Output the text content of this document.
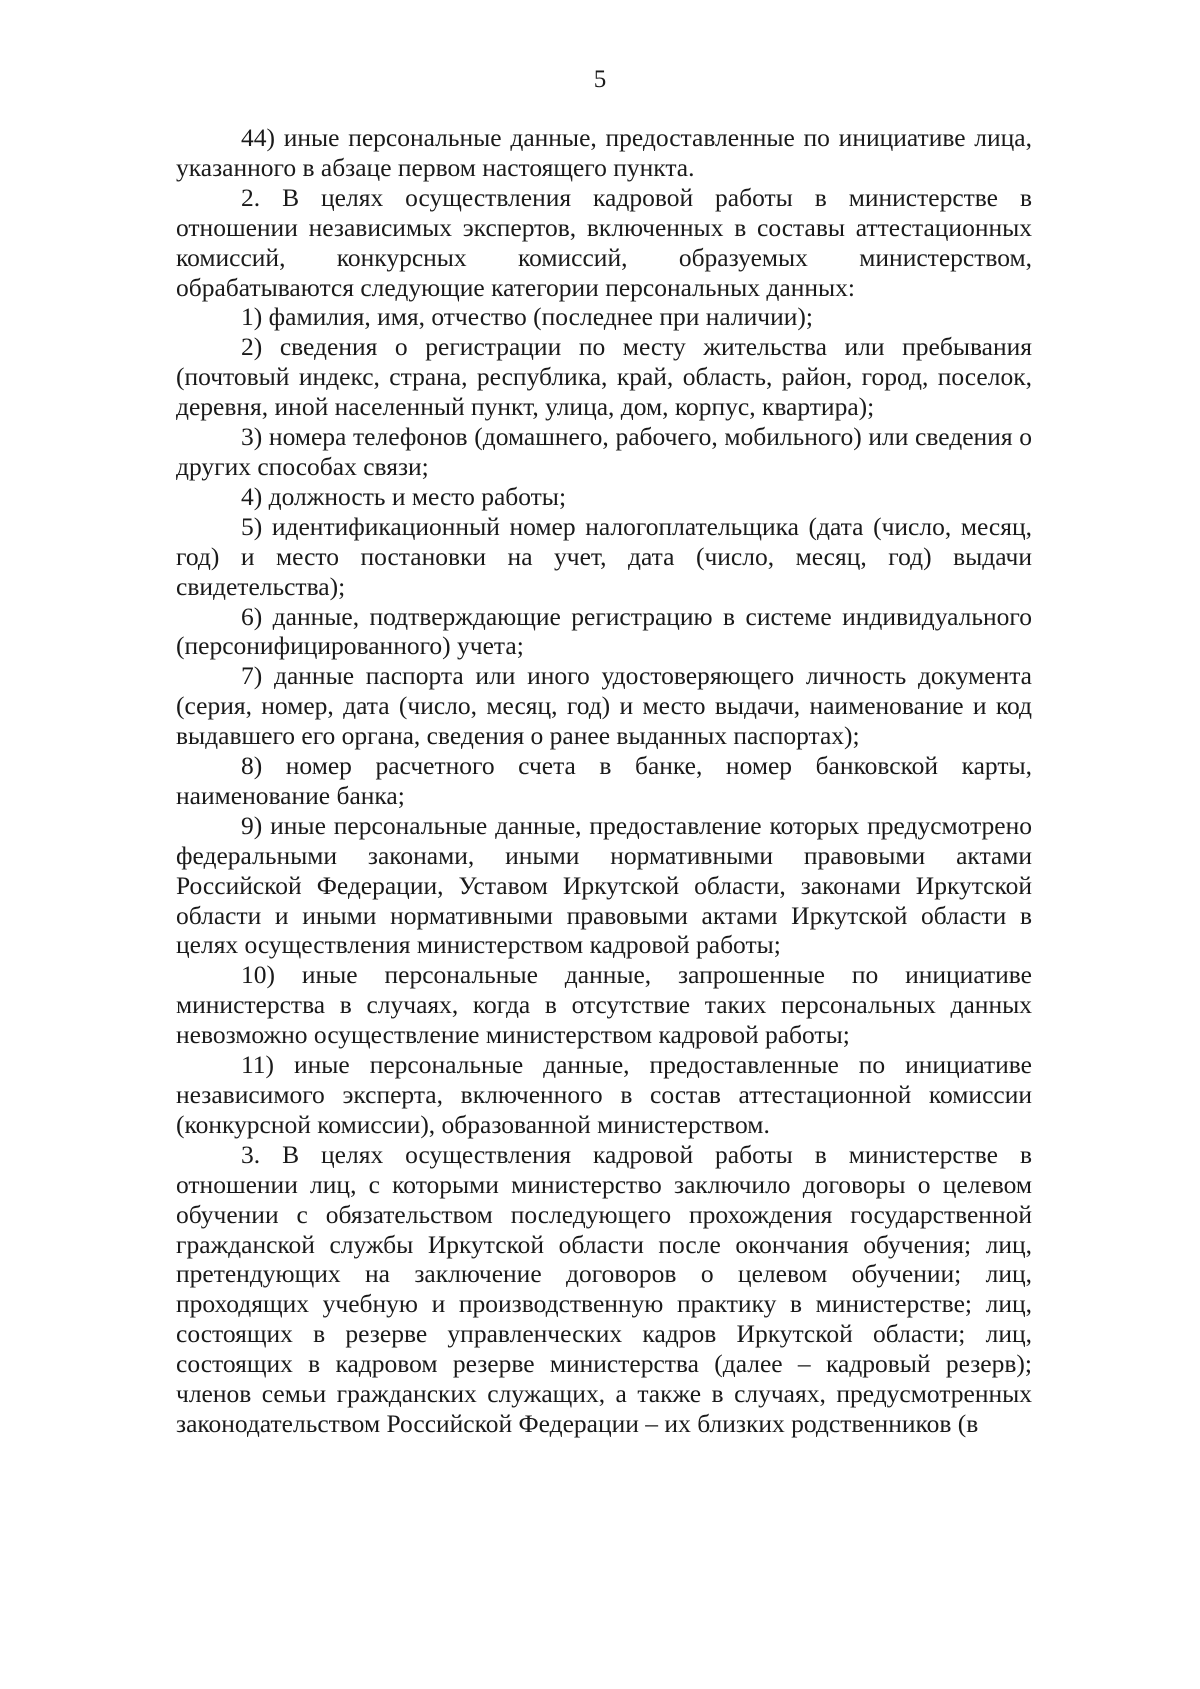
5

44) иные персональные данные, предоставленные по инициативе лица, указанного в абзаце первом настоящего пункта.

2. В целях осуществления кадровой работы в министерстве в отношении независимых экспертов, включенных в составы аттестационных комиссий, конкурсных комиссий, образуемых министерством, обрабатываются следующие категории персональных данных:

1) фамилия, имя, отчество (последнее при наличии);

2) сведения о регистрации по месту жительства или пребывания (почтовый индекс, страна, республика, край, область, район, город, поселок, деревня, иной населенный пункт, улица, дом, корпус, квартира);

3) номера телефонов (домашнего, рабочего, мобильного) или сведения о других способах связи;

4) должность и место работы;

5) идентификационный номер налогоплательщика (дата (число, месяц, год) и место постановки на учет, дата (число, месяц, год) выдачи свидетельства);

6) данные, подтверждающие регистрацию в системе индивидуального (персонифицированного) учета;

7) данные паспорта или иного удостоверяющего личность документа (серия, номер, дата (число, месяц, год) и место выдачи, наименование и код выдавшего его органа, сведения о ранее выданных паспортах);

8) номер расчетного счета в банке, номер банковской карты, наименование банка;

9) иные персональные данные, предоставление которых предусмотрено федеральными законами, иными нормативными правовыми актами Российской Федерации, Уставом Иркутской области, законами Иркутской области и иными нормативными правовыми актами Иркутской области в целях осуществления министерством кадровой работы;

10) иные персональные данные, запрошенные по инициативе министерства в случаях, когда в отсутствие таких персональных данных невозможно осуществление министерством кадровой работы;

11) иные персональные данные, предоставленные по инициативе независимого эксперта, включенного в состав аттестационной комиссии (конкурсной комиссии), образованной министерством.

3. В целях осуществления кадровой работы в министерстве в отношении лиц, с которыми министерство заключило договоры о целевом обучении с обязательством последующего прохождения государственной гражданской службы Иркутской области после окончания обучения; лиц, претендующих на заключение договоров о целевом обучении; лиц, проходящих учебную и производственную практику в министерстве; лиц, состоящих в резерве управленческих кадров Иркутской области; лиц, состоящих в кадровом резерве министерства (далее – кадровый резерв); членов семьи гражданских служащих, а также в случаях, предусмотренных законодательством Российской Федерации – их близких родственников (в
